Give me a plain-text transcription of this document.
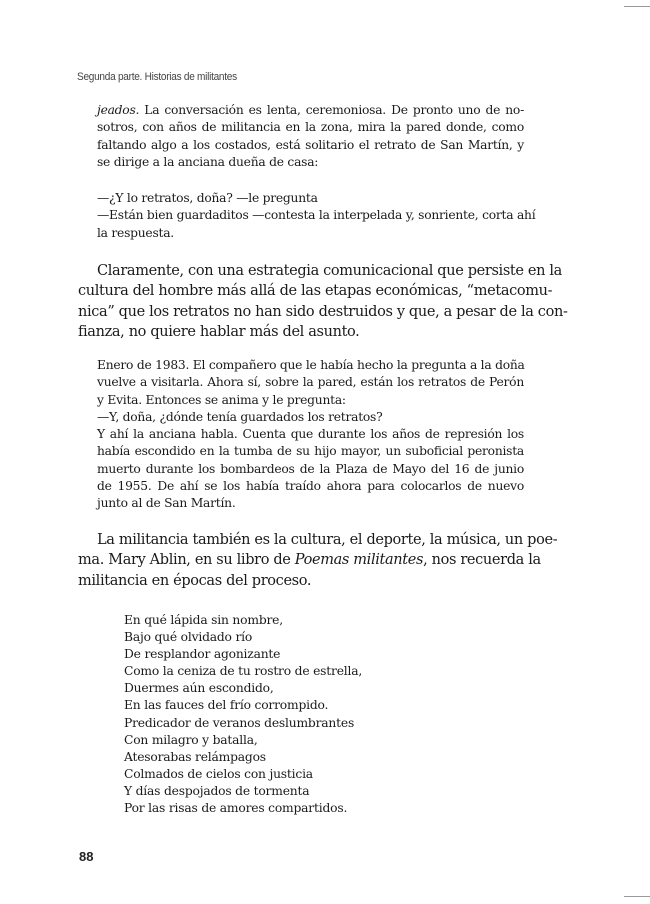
Segunda parte. Historias de militantes
jeados. La conversación es lenta, ceremoniosa. De pronto uno de no-
sotros, con años de militancia en la zona, mira la pared donde, como
faltando algo a los costados, está solitario el retrato de San Martín, y
se dirige a la anciana dueña de casa:
—¿Y lo retratos, doña? —le pregunta
—Están bien guardaditos —contesta la interpelada y, sonriente, corta ahí
la respuesta.
Claramente, con una estrategia comunicacional que persiste en la
cultura del hombre más allá de las etapas económicas, “metacomu-
nica” que los retratos no han sido destruidos y que, a pesar de la con-
fianza, no quiere hablar más del asunto.
Enero de 1983. El compañero que le había hecho la pregunta a la doña
vuelve a visitarla. Ahora sí, sobre la pared, están los retratos de Perón
y Evita. Entonces se anima y le pregunta:
—Y, doña, ¿dónde tenía guardados los retratos?
Y ahí la anciana habla. Cuenta que durante los años de represión los
había escondido en la tumba de su hijo mayor, un suboficial peronista
muerto durante los bombardeos de la Plaza de Mayo del 16 de junio
de 1955. De ahí se los había traído ahora para colocarlos de nuevo
junto al de San Martín.
La militancia también es la cultura, el deporte, la música, un poe-
ma. Mary Ablin, en su libro de Poemas militantes, nos recuerda la
militancia en épocas del proceso.
En qué lápida sin nombre,
Bajo qué olvidado río
De resplandor agonizante
Como la ceniza de tu rostro de estrella,
Duermes aún escondido,
En las fauces del frío corrompido.
Predicador de veranos deslumbrantes
Con milagro y batalla,
Atesorabas relámpagos
Colmados de cielos con justicia
Y días despojados de tormenta
Por las risas de amores compartidos.
88
